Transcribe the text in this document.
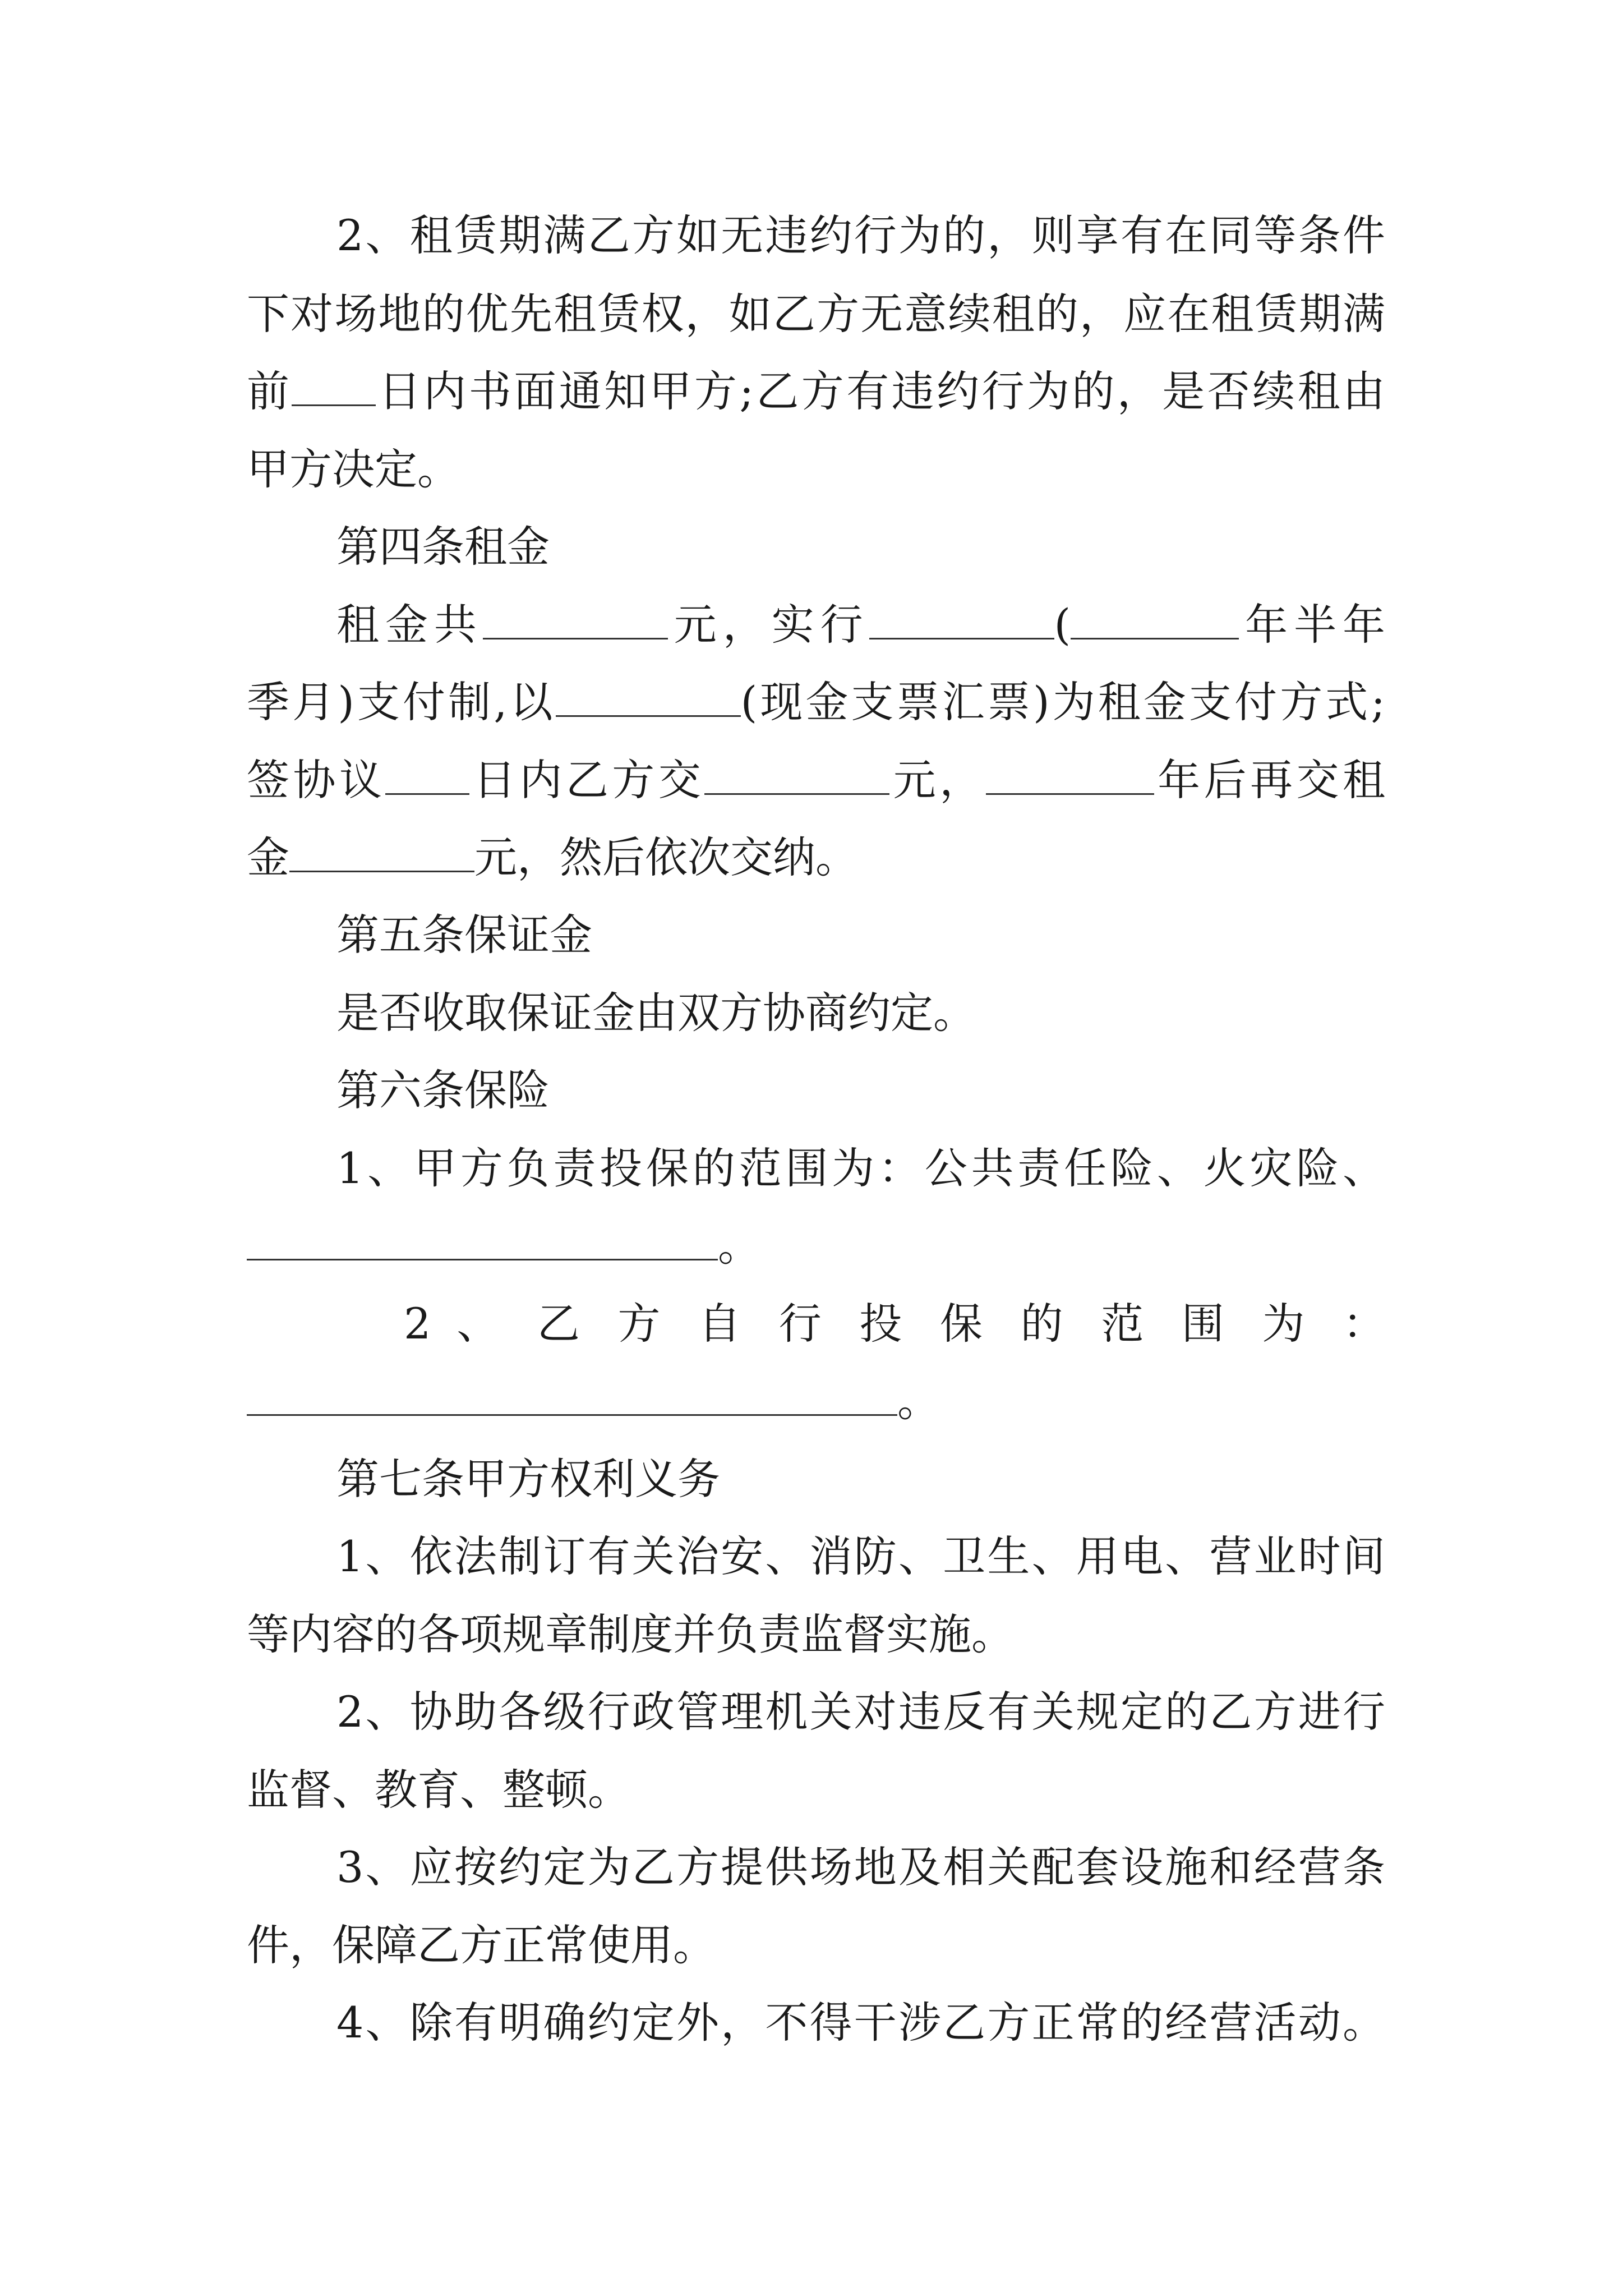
2、租赁期满乙方如无违约行为的，则享有在同等条件
下对场地的优先租赁权，如乙方无意续租的，应在租赁期满
前 日内书面通知甲方;乙方有违约行为的，是否续租由
甲方决定。
第四条租金
租金共	元，实行	(	年半年
季月)支付制,以	(现金支票汇票)为租金支付方式;
签协议 日内乙方交	元，	年后再交租
金	元，然后依次交纳。
第五条保证金
是否收取保证金由双方协商约定。
第六条保险
1、甲方负责投保的范围为：公共责任险、火灾险、
。
2 、 乙 方 自 行 投 保 的 范 围 为 ：
。
第七条甲方权利义务
1、依法制订有关治安、消防、卫生、用电、营业时间
等内容的各项规章制度并负责监督实施。
2、协助各级行政管理机关对违反有关规定的乙方进行
监督、教育、整顿。
3、应按约定为乙方提供场地及相关配套设施和经营条
件，保障乙方正常使用。
4、除有明确约定外，不得干涉乙方正常的经营活动。
